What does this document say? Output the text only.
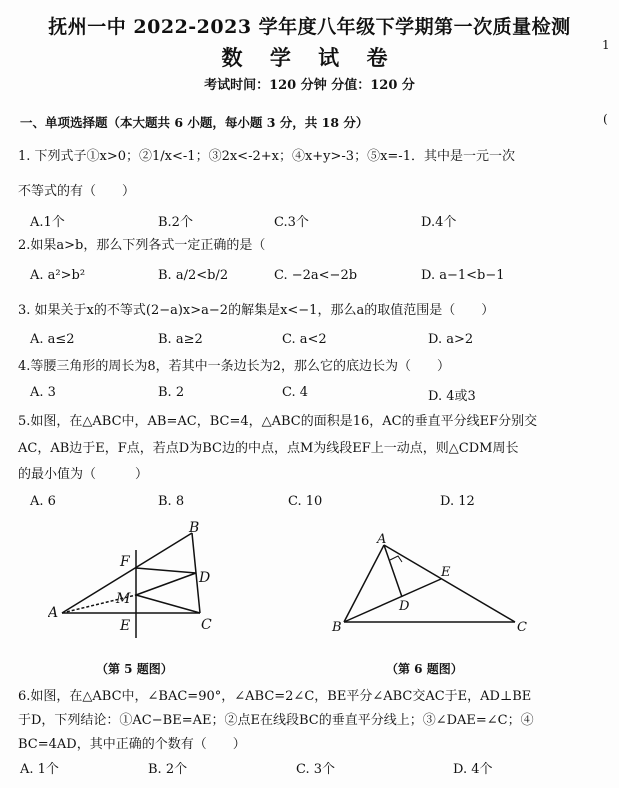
抚州一中 2022-2023 学年度八年级下学期第一次质量检测
数 学 试 卷
考试时间：120 分钟 分值：120 分
1
(
一、单项选择题（本大题共 6 小题，每小题 3 分，共 18 分）
1. 下列式子①x>0；②1/x<-1；③2x<-2+x；④x+y>-3；⑤x=-1．其中是一元一次
不等式的有（　　）
A.1个	B.2个	C.3个	D.4个
2.如果a>b，那么下列各式一定正确的是（
A. a²>b²	B. a/2<b/2	C. −2a<−2b	D. a−1<b−1
3. 如果关于x的不等式(2−a)x>a−2的解集是x<−1，那么a的取值范围是（　　）
A. a≤2	B. a≥2	C. a<2	D. a>2
4.等腰三角形的周长为8，若其中一条边长为2，那么它的底边长为（　　）
A. 3	B. 2	C. 4	D. 4或3
5.如图，在△ABC中，AB=AC，BC=4，△ABC的面积是16，AC的垂直平分线EF分别交
AC，AB边于E，F点，若点D为BC边的中点，点M为线段EF上一动点，则△CDM周长
的最小值为（　　　）
A. 6	B. 8	C. 10	D. 12
A
B
C
D
E
F
M
A
B	C
D
E
（第 5 题图）	（第 6 题图）
6.如图，在△ABC中，∠BAC=90°，∠ABC=2∠C，BE平分∠ABC交AC于E，AD⊥BE
于D，下列结论：①AC−BE=AE；②点E在线段BC的垂直平分线上；③∠DAE=∠C；④
BC=4AD，其中正确的个数有（　　）
A. 1个	B. 2个	C. 3个	D. 4个
